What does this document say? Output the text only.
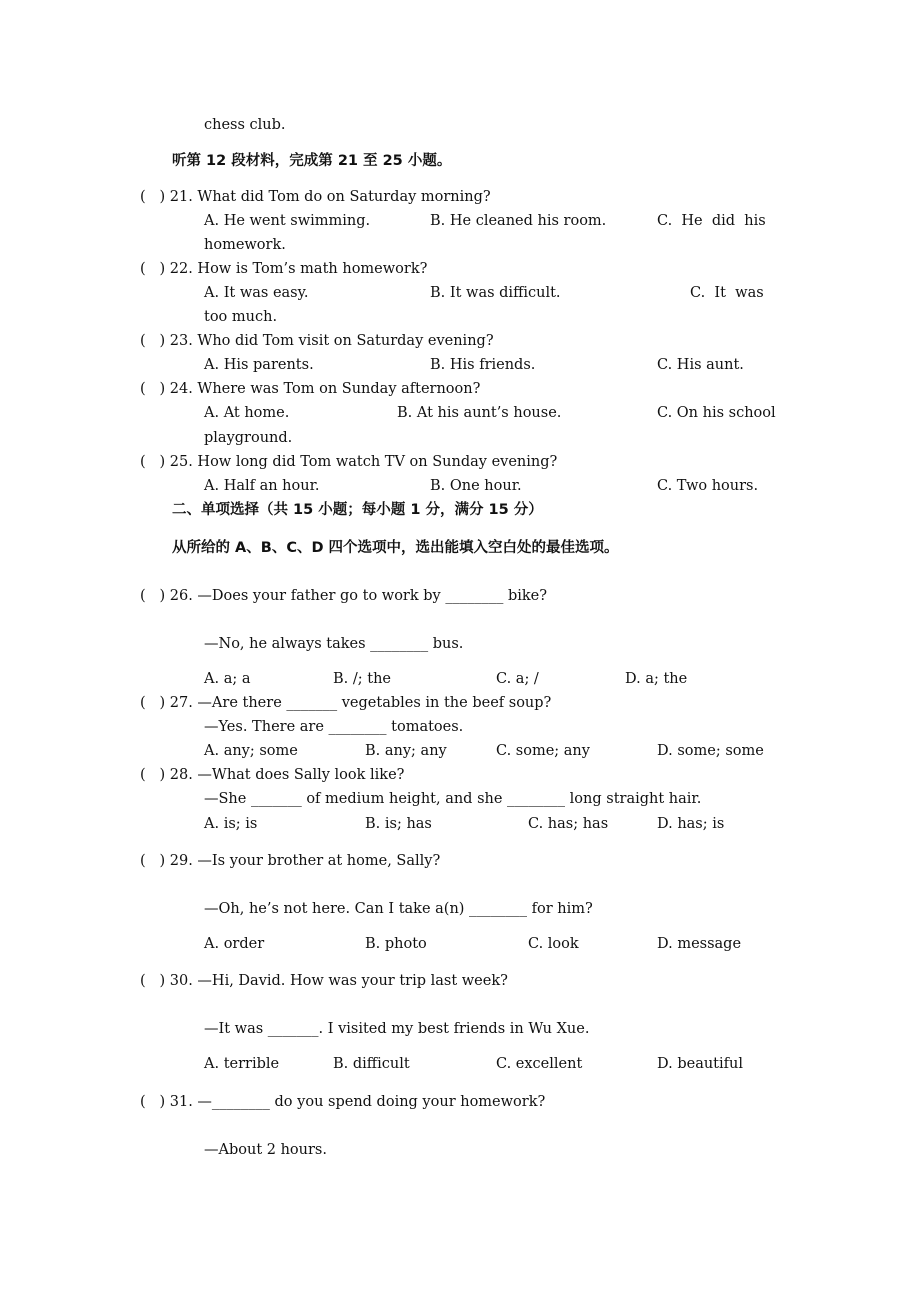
chess club.
听第 12 段材料，完成第 21 至 25 小题。
(   ) 21. What did Tom do on Saturday morning?
A. He went swimming.	B. He cleaned his room.	C.  He  did  his
homework.
(   ) 22. How is Tom’s math homework?
A. It was easy.	B. It was difficult.	C.  It  was
too much.
(   ) 23. Who did Tom visit on Saturday evening?
A. His parents.	B. His friends.	C. His aunt.
(   ) 24. Where was Tom on Sunday afternoon?
A. At home.	B. At his aunt’s house.	C. On his school
playground.
(   ) 25. How long did Tom watch TV on Sunday evening?
A. Half an hour.	B. One hour.	C. Two hours.
二、单项选择（共 15 小题；每小题 1 分，满分 15 分）
从所给的 A、B、C、D 四个选项中，选出能填入空白处的最佳选项。
(   ) 26. —Does your father go to work by ________ bike?
—No, he always takes ________ bus.
A. a; a	B. /; the	C. a; /	D. a; the
(   ) 27. —Are there _______ vegetables in the beef soup?
—Yes. There are ________ tomatoes.
A. any; some	B. any; any	C. some; any	D. some; some
(   ) 28. —What does Sally look like?
—She _______ of medium height, and she ________ long straight hair.
A. is; is	B. is; has	C. has; has	D. has; is
(   ) 29. —Is your brother at home, Sally?
—Oh, he’s not here. Can I take a(n) ________ for him?
A. order	B. photo	C. look	D. message
(   ) 30. —Hi, David. How was your trip last week?
—It was _______. I visited my best friends in Wu Xue.
A. terrible	B. difficult	C. excellent	D. beautiful
(   ) 31. —________ do you spend doing your homework?
—About 2 hours.
